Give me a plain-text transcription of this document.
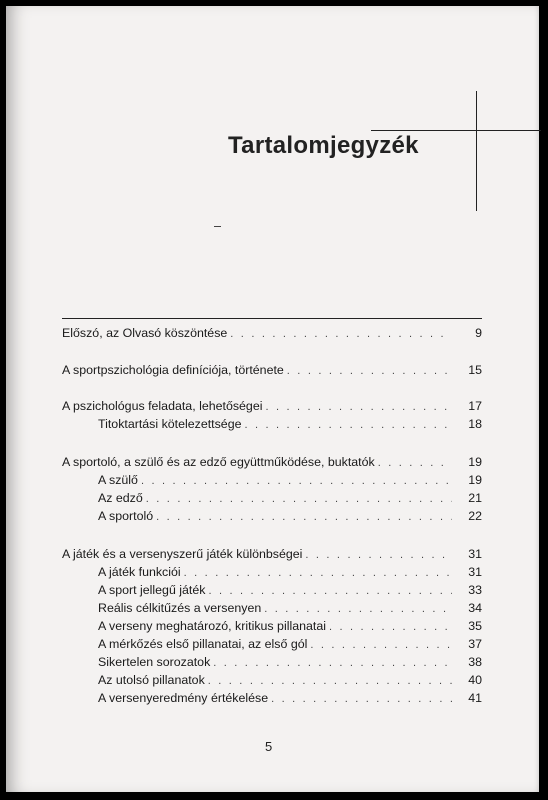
Tartalomjegyzék
Előszó, az Olvasó köszöntése . . .	9
A sportpszichológia definíciója, története . . .	15
A pszichológus feladata, lehetőségei . . .	17
Titoktartási kötelezettsége . . .	18
A sportoló, a szülő és az edző együttműködése, buktatók . . .	19
A szülő . . .	19
Az edző . . .	21
A sportoló . . .	22
A játék és a versenyszerű játék különbségei . . .	31
A játék funkciói . . .	31
A sport jellegű játék . . .	33
Reális célkitűzés a versenyen . . .	34
A verseny meghatározó, kritikus pillanatai . . .	35
A mérkőzés első pillanatai, az első gól . . .	37
Sikertelen sorozatok . . .	38
Az utolsó pillanatok . . .	40
A versenyeredmény értékelése . . .	41
5
